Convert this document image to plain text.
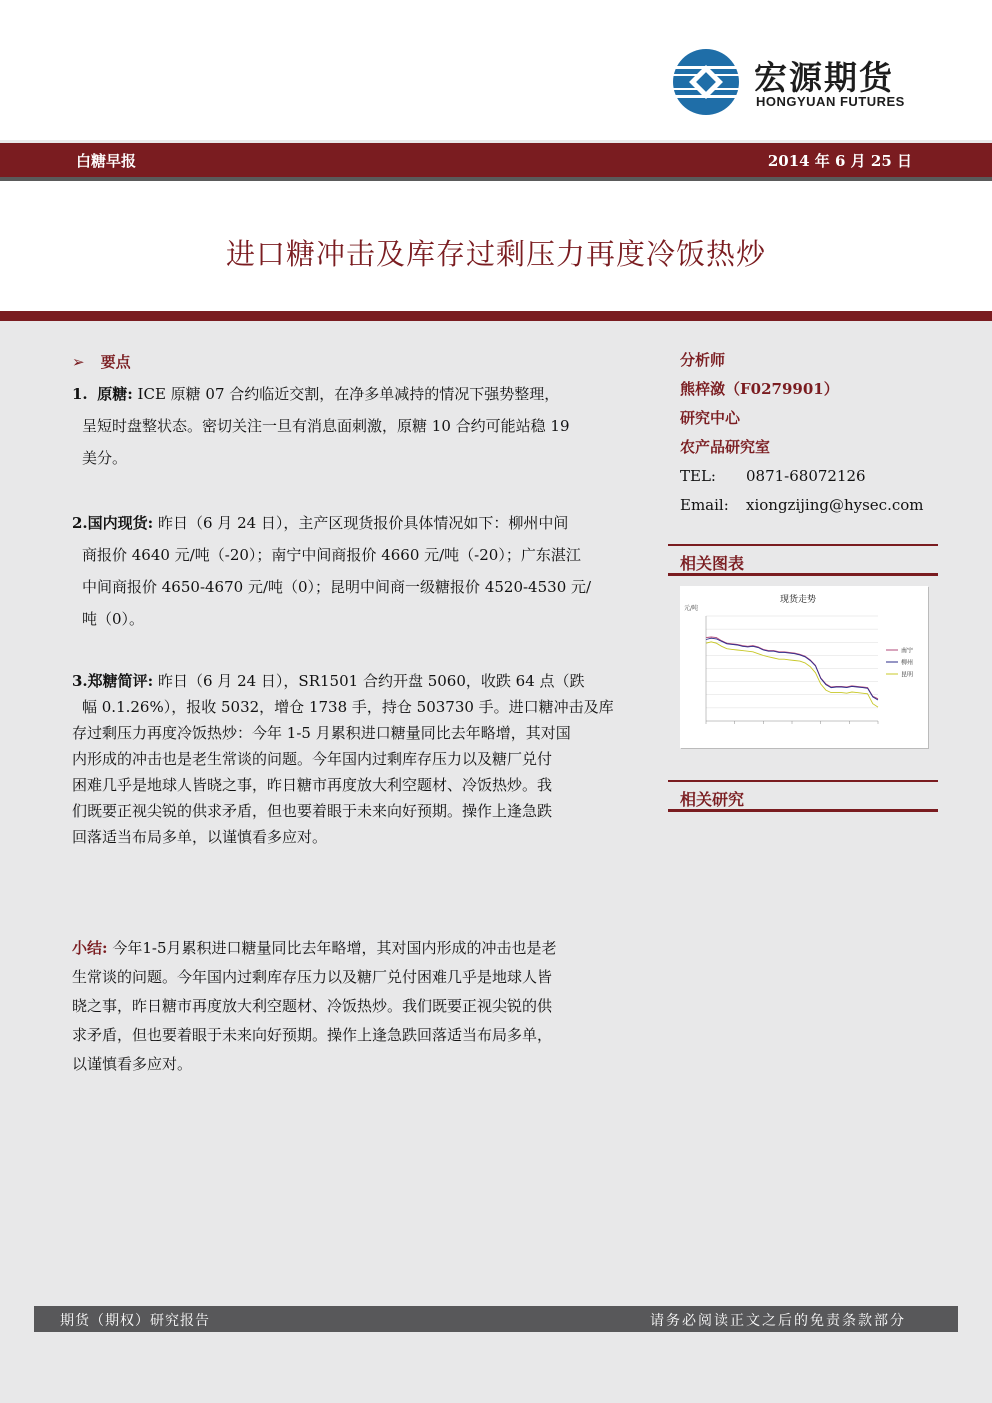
宏源期货
HONGYUAN FUTURES
白糖早报	2014 年 6 月 25 日
进口糖冲击及库存过剩压力再度冷饭热炒
➢ 要点
1. 原糖: ICE 原糖 07 合约临近交割，在净多单减持的情况下强势整理，
呈短时盘整状态。密切关注一旦有消息面刺激，原糖 10 合约可能站稳 19
美分。
2.国内现货: 昨日（6 月 24 日），主产区现货报价具体情况如下：柳州中间
商报价 4640 元/吨（-20）；南宁中间商报价 4660 元/吨（-20）；广东湛江
中间商报价 4650-4670 元/吨（0）；昆明中间商一级糖报价 4520-4530 元/
吨（0）。
3.郑糖简评: 昨日（6 月 24 日），SR1501 合约开盘 5060，收跌 64 点（跌
幅 0.1.26%），报收 5032，增仓 1738 手，持仓 503730 手。进口糖冲击及库
存过剩压力再度冷饭热炒：今年 1-5 月累积进口糖量同比去年略增，其对国
内形成的冲击也是老生常谈的问题。今年国内过剩库存压力以及糖厂兑付
困难几乎是地球人皆晓之事，昨日糖市再度放大利空题材、冷饭热炒。我
们既要正视尖锐的供求矛盾，但也要着眼于未来向好预期。操作上逢急跌
回落适当布局多单，以谨慎看多应对。
小结: 今年1-5月累积进口糖量同比去年略增，其对国内形成的冲击也是老
生常谈的问题。今年国内过剩库存压力以及糖厂兑付困难几乎是地球人皆
晓之事，昨日糖市再度放大利空题材、冷饭热炒。我们既要正视尖锐的供
求矛盾，但也要着眼于未来向好预期。操作上逢急跌回落适当布局多单，
以谨慎看多应对。
分析师
熊梓潋（F0279901）
研究中心
农产品研究室
TEL:	0871-68072126
Email:	xiongzijing@hysec.com
相关图表
现货走势
元/吨
南宁
柳州
昆明
相关研究
期货（期权）研究报告	请务必阅读正文之后的免责条款部分
